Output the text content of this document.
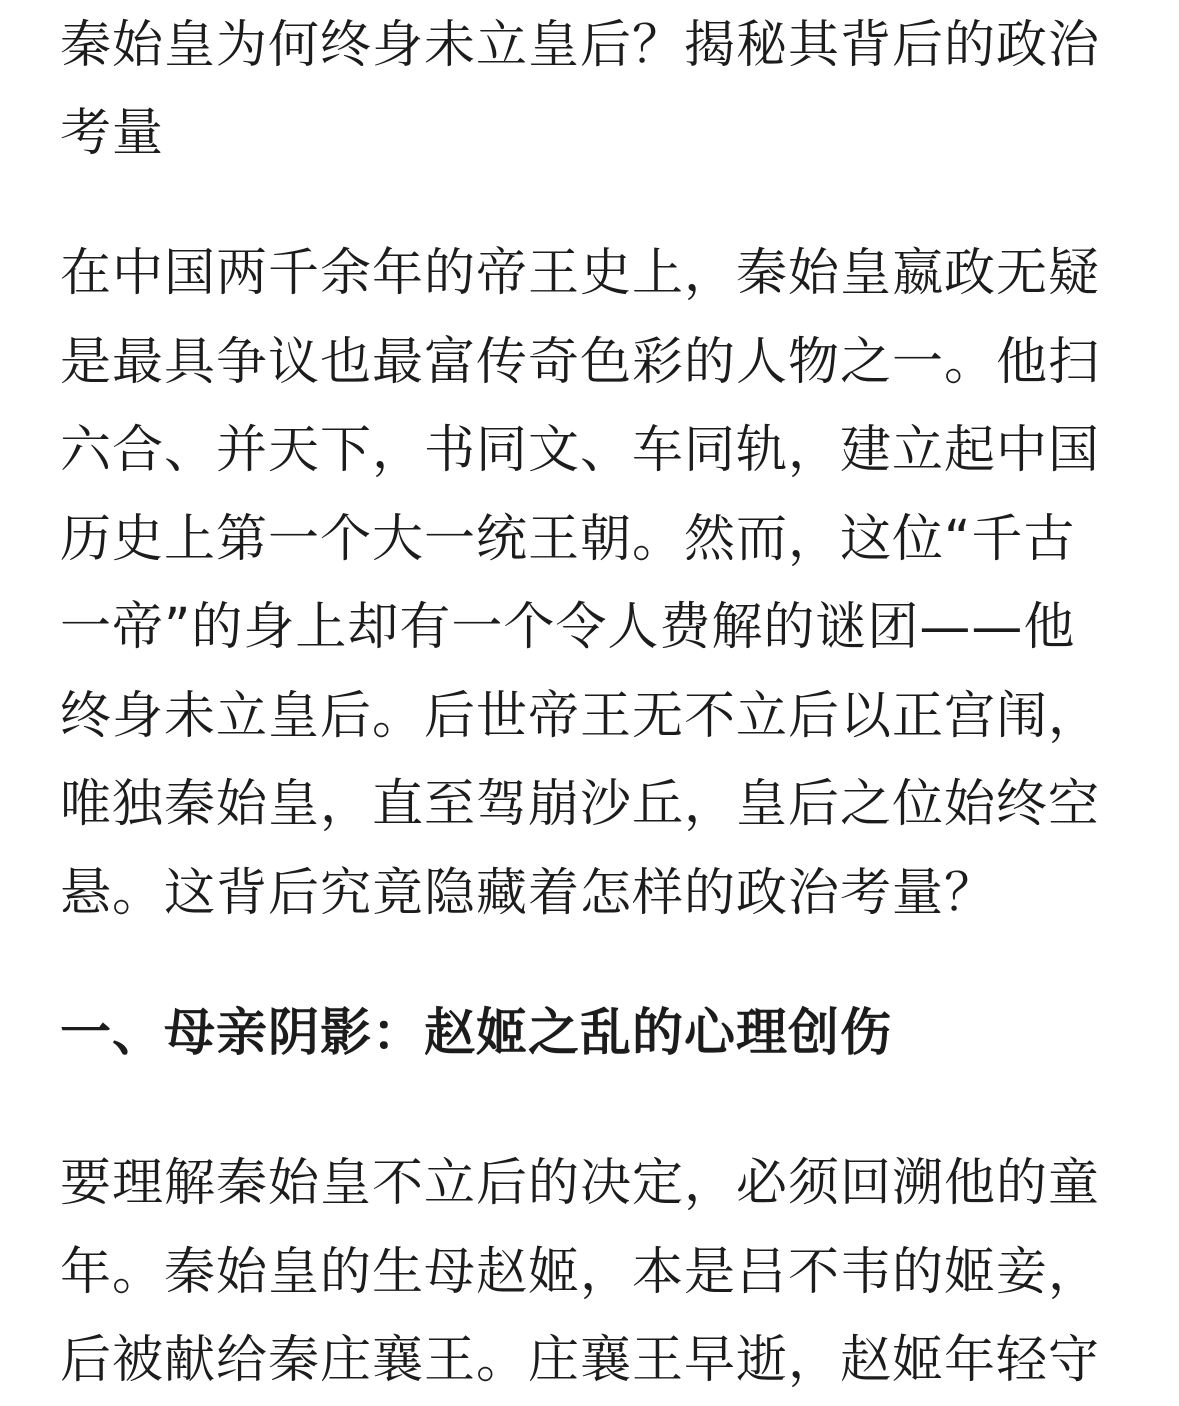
秦始皇为何终身未立皇后？揭秘其背后的政治考量

在中国两千余年的帝王史上，秦始皇嬴政无疑是最具争议也最富传奇色彩的人物之一。他扫六合、并天下，书同文、车同轨，建立起中国历史上第一个大一统王朝。然而，这位“千古一帝”的身上却有一个令人费解的谜团——他终身未立皇后。后世帝王无不立后以正宫闱，唯独秦始皇，直至驾崩沙丘，皇后之位始终空悬。这背后究竟隐藏着怎样的政治考量？

一、母亲阴影：赵姬之乱的心理创伤

要理解秦始皇不立后的决定，必须回溯他的童年。秦始皇的生母赵姬，本是吕不韦的姬妾，后被献给秦庄襄王。庄襄王早逝，赵姬年轻守
